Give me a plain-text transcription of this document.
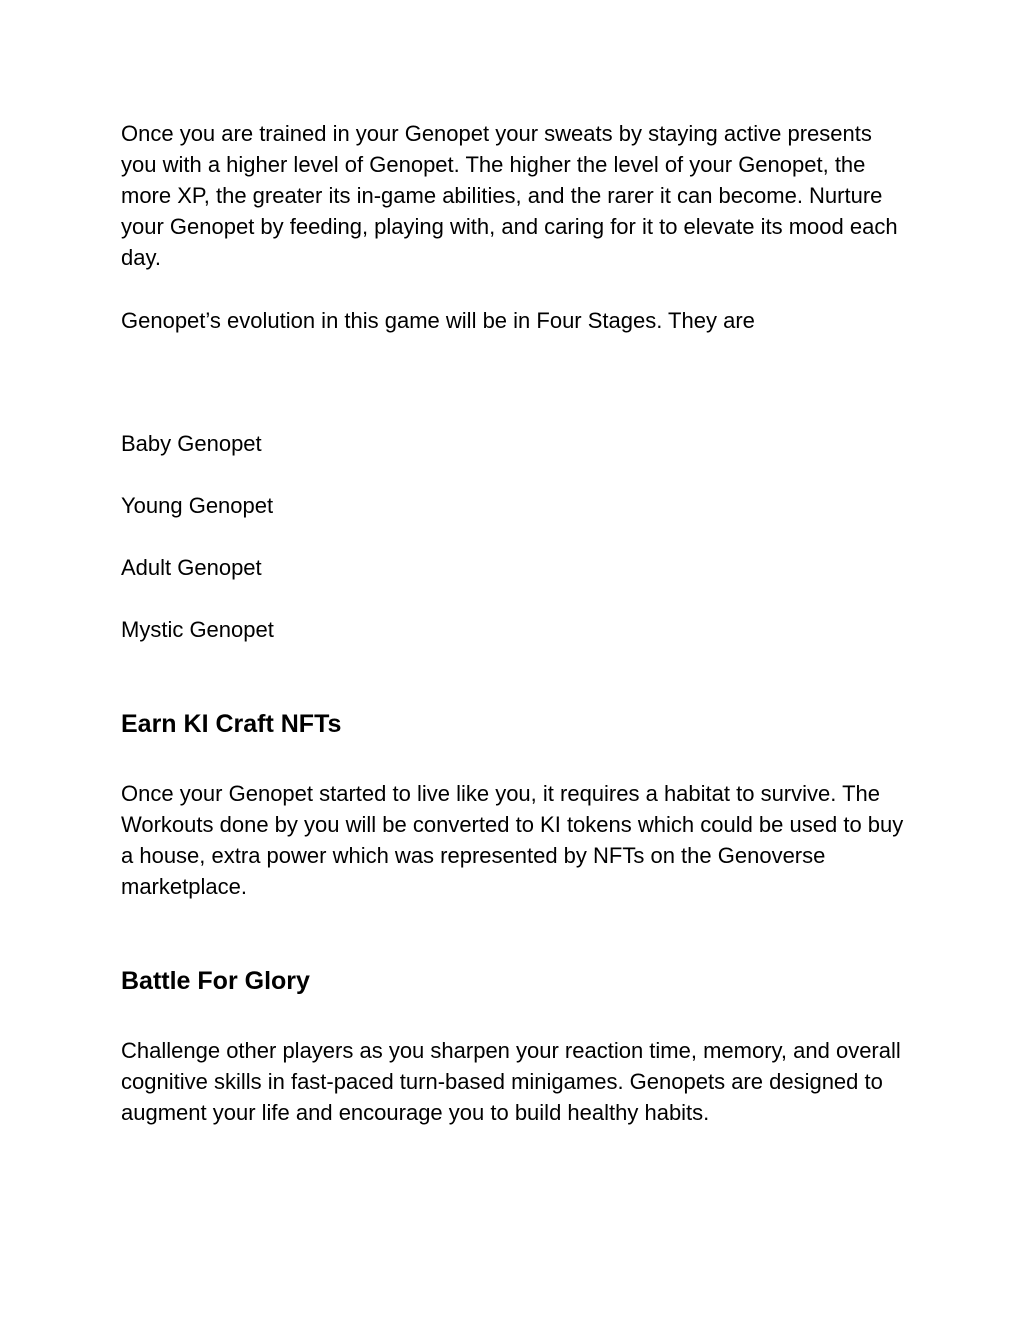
Once you are trained in your Genopet your sweats by staying active presents you with a higher level of Genopet. The higher the level of your Genopet, the more XP, the greater its in-game abilities, and the rarer it can become. Nurture your Genopet by feeding, playing with, and caring for it to elevate its mood each day.

Genopet’s evolution in this game will be in Four Stages. They are

Baby Genopet

Young Genopet

Adult Genopet

Mystic Genopet

Earn KI Craft NFTs

Once your Genopet started to live like you, it requires a habitat to survive. The Workouts done by you will be converted to KI tokens which could be used to buy a house, extra power which was represented by NFTs on the Genoverse marketplace.

Battle For Glory

Challenge other players as you sharpen your reaction time, memory, and overall cognitive skills in fast-paced turn-based minigames. Genopets are designed to augment your life and encourage you to build healthy habits.
